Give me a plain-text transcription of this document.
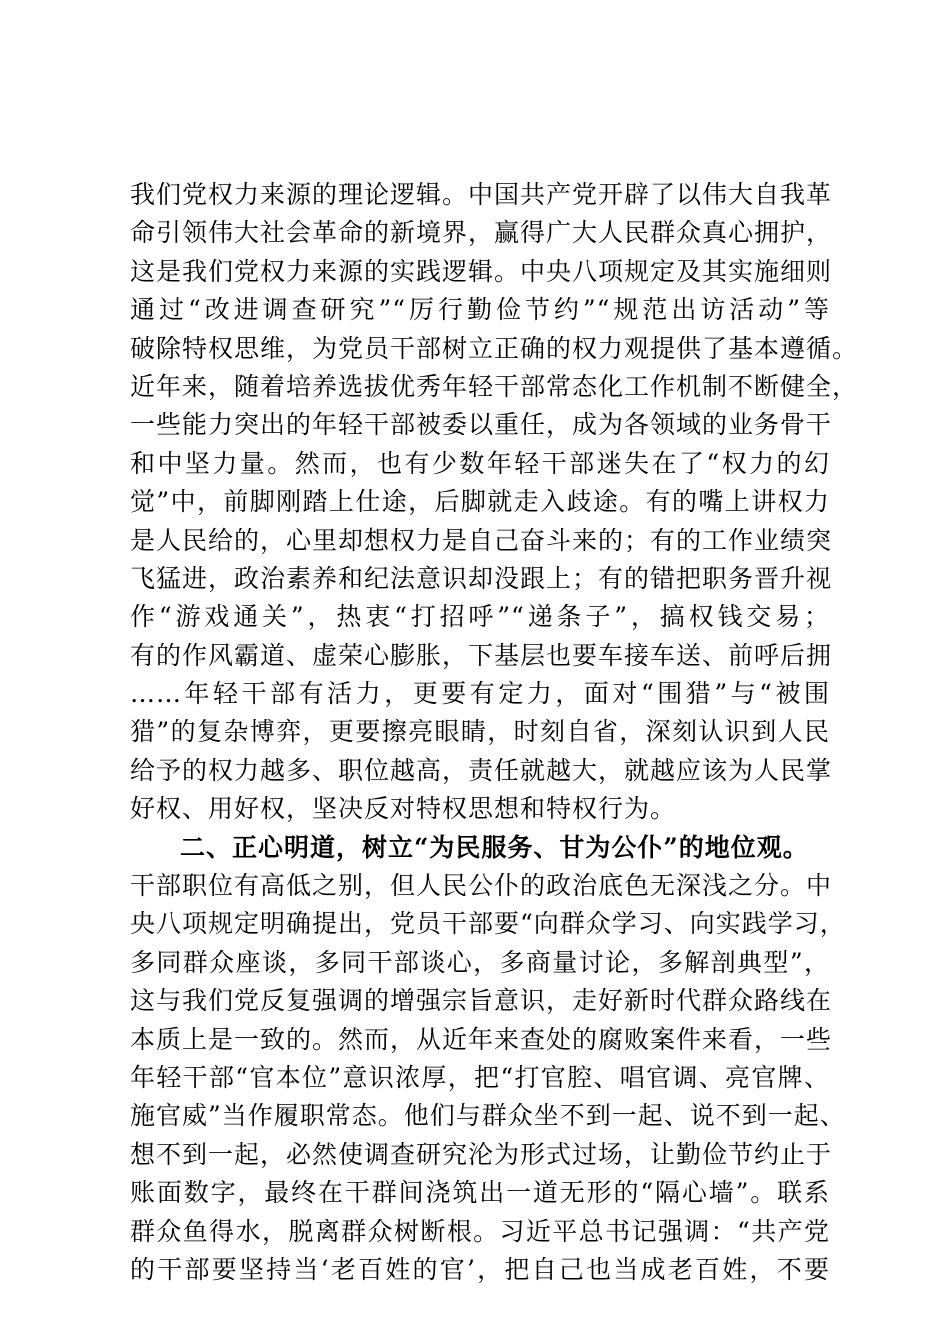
我们党权力来源的理论逻辑。中国共产党开辟了以伟大自我革
命引领伟大社会革命的新境界，赢得广大人民群众真心拥护，
这是我们党权力来源的实践逻辑。中央八项规定及其实施细则
通过“改进调查研究”“厉行勤俭节约”“规范出访活动”等
破除特权思维，为党员干部树立正确的权力观提供了基本遵循。
近年来，随着培养选拔优秀年轻干部常态化工作机制不断健全，
一些能力突出的年轻干部被委以重任，成为各领域的业务骨干
和中坚力量。然而，也有少数年轻干部迷失在了“权力的幻
觉”中，前脚刚踏上仕途，后脚就走入歧途。有的嘴上讲权力
是人民给的，心里却想权力是自己奋斗来的；有的工作业绩突
飞猛进，政治素养和纪法意识却没跟上；有的错把职务晋升视
作“游戏通关”，热衷“打招呼”“递条子”，搞权钱交易；
有的作风霸道、虚荣心膨胀，下基层也要车接车送、前呼后拥
……年轻干部有活力，更要有定力，面对“围猎”与“被围
猎”的复杂博弈，更要擦亮眼睛，时刻自省，深刻认识到人民
给予的权力越多、职位越高，责任就越大，就越应该为人民掌
好权、用好权，坚决反对特权思想和特权行为。
二、正心明道，树立“为民服务、甘为公仆”的地位观。
干部职位有高低之别，但人民公仆的政治底色无深浅之分。中
央八项规定明确提出，党员干部要“向群众学习、向实践学习，
多同群众座谈，多同干部谈心，多商量讨论，多解剖典型”，
这与我们党反复强调的增强宗旨意识，走好新时代群众路线在
本质上是一致的。然而，从近年来查处的腐败案件来看，一些
年轻干部“官本位”意识浓厚，把“打官腔、唱官调、亮官牌、
施官威”当作履职常态。他们与群众坐不到一起、说不到一起、
想不到一起，必然使调查研究沦为形式过场，让勤俭节约止于
账面数字，最终在干群间浇筑出一道无形的“隔心墙”。联系
群众鱼得水，脱离群众树断根。习近平总书记强调：“共产党
的干部要坚持当‘老百姓的官’，把自己也当成老百姓，不要
